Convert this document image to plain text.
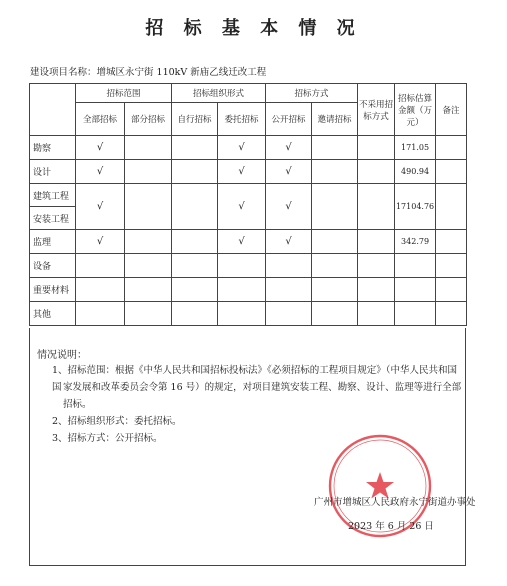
招 标 基 本 情 况
建设项目名称：增城区永宁街 110kV 新庙乙线迁改工程
	招标范围		招标组织形式		招标方式		不采用招标方式	招标估算金额（万元）	备注
	全部招标	部分招标	自行招标	委托招标	公开招标	邀请招标			
勘察	√			√	√			171.05	
设计	√			√	√			490.94	
建筑工程	√			√	√			17104.76	
安装工程									
监理	√			√	√			342.79	
设备									
重要材料									
其他									
情况说明：
1、招标范围：根据《中华人民共和国招标投标法》《必须招标的工程项目规定》（中华人民共和国国 家发展和改革委员会令第 16 号）的规定，对项目建筑安装工程、勘察、设计、监理等进行全部
招标。
2、招标组织形式：委托招标。
3、招标方式：公开招标。
广州市增城区人民政府永宁街道办事处
2023 年 6 月 26 日
